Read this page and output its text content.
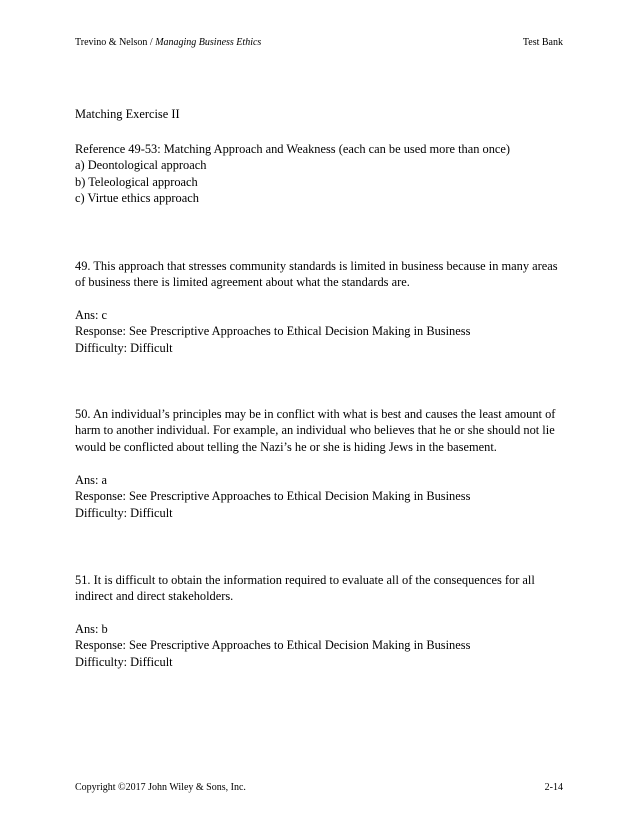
Trevino & Nelson / Managing Business Ethics	Test Bank
Matching Exercise II
Reference 49-53: Matching Approach and Weakness (each can be used more than once)
a) Deontological approach
b) Teleological approach
c) Virtue ethics approach
49. This approach that stresses community standards is limited in business because in many areas
of business there is limited agreement about what the standards are.
Ans: c
Response: See Prescriptive Approaches to Ethical Decision Making in Business
Difficulty: Difficult
50. An individual’s principles may be in conflict with what is best and causes the least amount of
harm to another individual. For example, an individual who believes that he or she should not lie
would be conflicted about telling the Nazi’s he or she is hiding Jews in the basement.
Ans: a
Response: See Prescriptive Approaches to Ethical Decision Making in Business
Difficulty: Difficult
51. It is difficult to obtain the information required to evaluate all of the consequences for all
indirect and direct stakeholders.
Ans: b
Response: See Prescriptive Approaches to Ethical Decision Making in Business
Difficulty: Difficult
Copyright ©2017 John Wiley & Sons, Inc.	2-14
